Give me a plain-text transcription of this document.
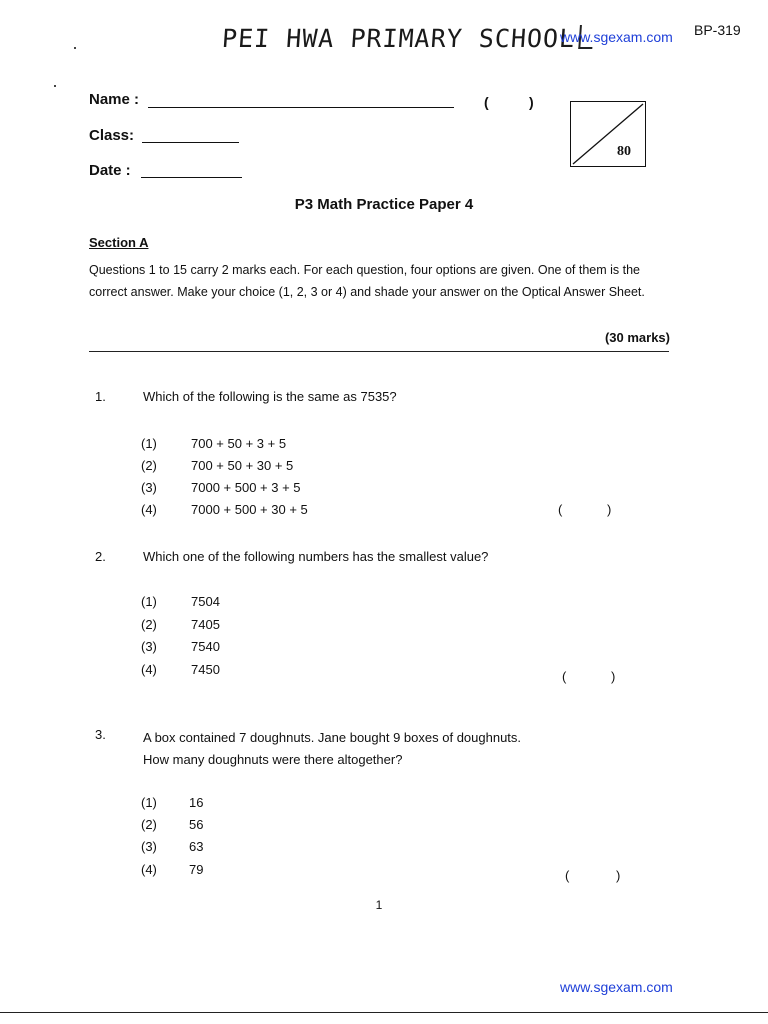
PEI HWA PRIMARY SCHOOL
www.sgexam.com BP-319
Name :	(	)
Class:
Date :
80
P3 Math Practice Paper 4
Section A
Questions 1 to 15 carry 2 marks each. For each question, four options are given. One of them is the correct answer. Make your choice (1, 2, 3 or 4) and shade your answer on the Optical Answer Sheet.
(30 marks)
1.	Which of the following is the same as 7535?
(1)	700 + 50 + 3 + 5
(2)	700 + 50 + 30 + 5
(3)	7000 + 500 + 3 + 5
(4)	7000 + 500 + 30 + 5	(	)
2.	Which one of the following numbers has the smallest value?
(1)	7504
(2)	7405
(3)	7540
(4)	7450	(	)
3.	A box contained 7 doughnuts. Jane bought 9 boxes of doughnuts.
How many doughnuts were there altogether?
(1) 16
(2) 56
(3) 63
(4) 79	(	)
1
www.sgexam.com
